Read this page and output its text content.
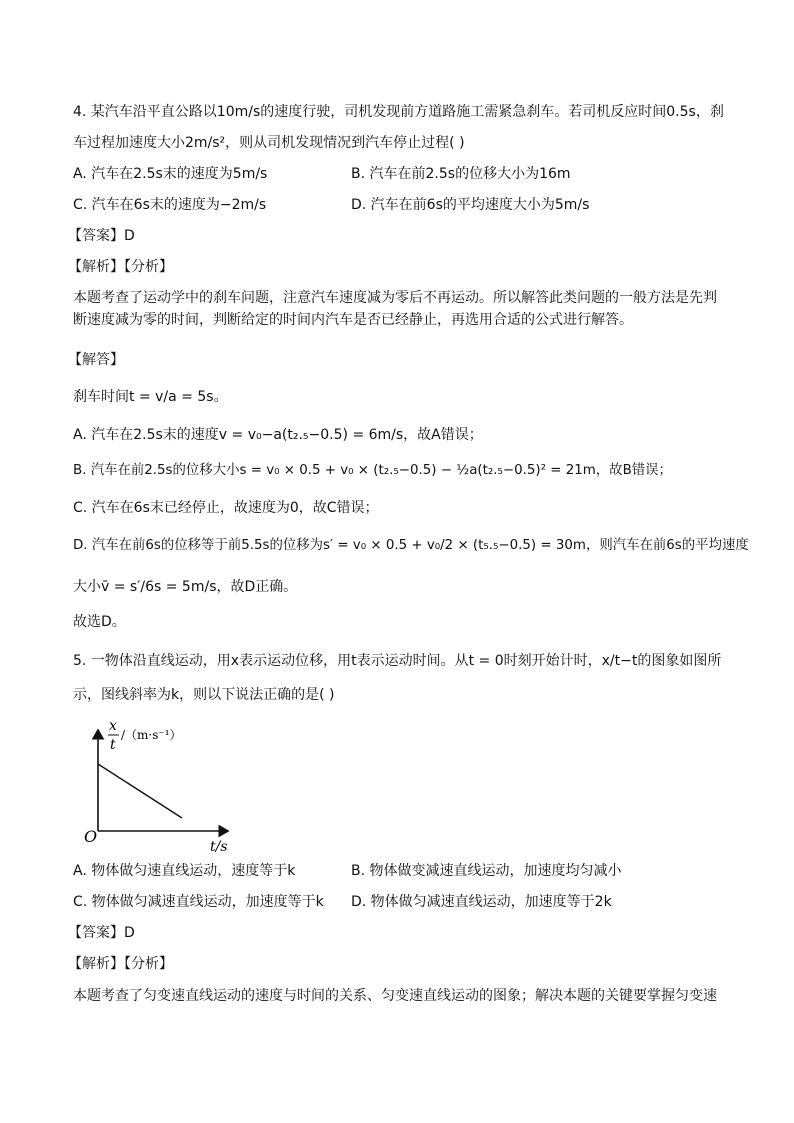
4. 某汽车沿平直公路以10m/s的速度行驶，司机发现前方道路施工需紧急刹车。若司机反应时间0.5s，刹
车过程加速度大小2m/s²，则从司机发现情况到汽车停止过程( )
A. 汽车在2.5s末的速度为5m/s	B. 汽车在前2.5s的位移大小为16m
C. 汽车在6s末的速度为−2m/s	D. 汽车在前6s的平均速度大小为5m/s
【答案】D
【解析】【分析】
本题考查了运动学中的刹车问题，注意汽车速度减为零后不再运动。所以解答此类问题的一般方法是先判断速度减为零的时间，判断给定的时间内汽车是否已经静止，再选用合适的公式进行解答。
【解答】
刹车时间t = v/a = 5s。
A. 汽车在2.5s末的速度v = v₀−a(t₂.₅−0.5) = 6m/s，故A错误；
B. 汽车在前2.5s的位移大小s = v₀ × 0.5 + v₀ × (t₂.₅−0.5) − ½a(t₂.₅−0.5)² = 21m，故B错误；
C. 汽车在6s末已经停止，故速度为0，故C错误；
D. 汽车在前6s的位移等于前5.5s的位移为s′ = v₀ × 0.5 + v₀/2 × (t₅.₅−0.5) = 30m，则汽车在前6s的平均速度
大小v̄ = s′/6s = 5m/s，故D正确。
故选D。
5. 一物体沿直线运动，用x表示运动位移，用t表示运动时间。从t = 0时刻开始计时，x/t−t的图象如图所
示，图线斜率为k，则以下说法正确的是( )
x
t
/（m·s⁻¹）
O
t/s
A. 物体做匀速直线运动，速度等于k	B. 物体做变减速直线运动，加速度均匀减小
C. 物体做匀减速直线运动，加速度等于k D. 物体做匀减速直线运动，加速度等于2k
【答案】D
【解析】【分析】
本题考查了匀变速直线运动的速度与时间的关系、匀变速直线运动的图象；解决本题的关键要掌握匀变速
